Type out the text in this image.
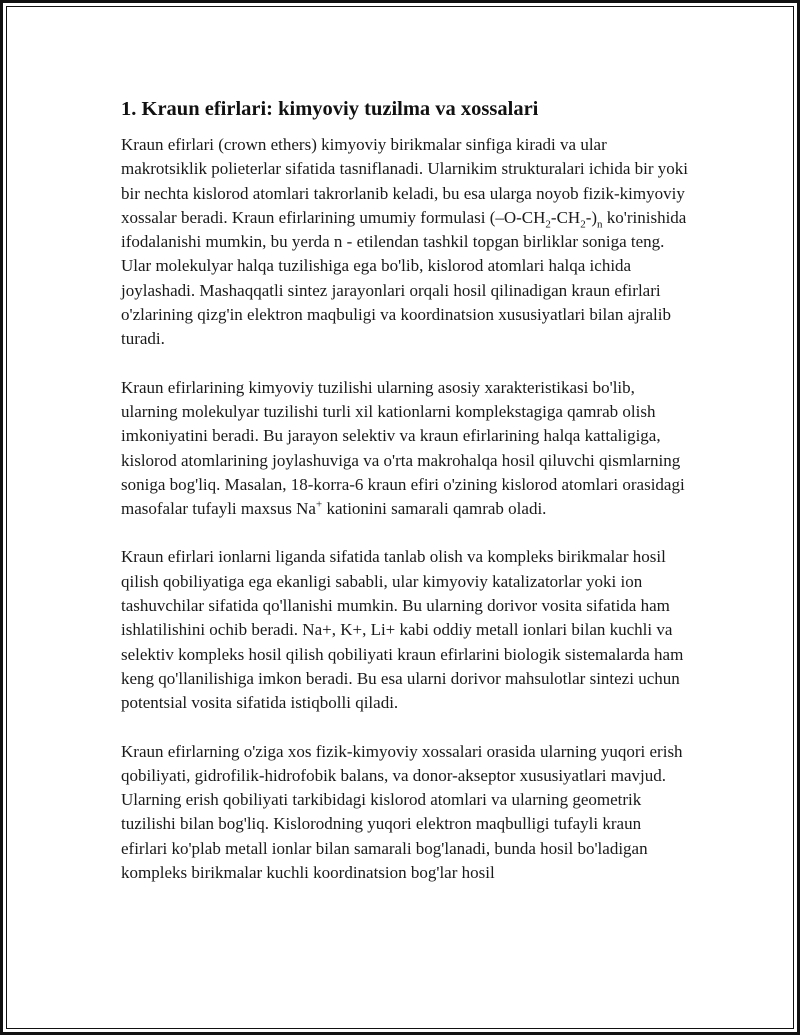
1. Kraun efirlari: kimyoviy tuzilma va xossalari

Kraun efirlari (crown ethers) kimyoviy birikmalar sinfiga kiradi va ular makrotsiklik polieterlar sifatida tasniflanadi. Ularnikim strukturalari ichida bir yoki bir nechta kislorod atomlari takrorlanib keladi, bu esa ularga noyob fizik-kimyoviy xossalar beradi. Kraun efirlarining umumiy formulasi $(-O-CH_2-CH_2-)_n$ ko'rinishida ifodalanishi mumkin, bu yerda n - etilendan tashkil topgan birliklar soniga teng. Ular molekulyar halqa tuzilishiga ega bo'lib, kislorod atomlari halqa ichida joylashadi. Mashaqqatli sintez jarayonlari orqali hosil qilinadigan kraun efirlari o'zlarining qizg'in elektron maqbuligi va koordinatsion xususiyatlari bilan ajralib turadi.

Kraun efirlarining kimyoviy tuzilishi ularning asosiy xarakteristikasi bo'lib, ularning molekulyar tuzilishi turli xil kationlarni komplekstagiga qamrab olish imkoniyatini beradi. Bu jarayon selektiv va kraun efirlarining halqa kattaligiga, kislorod atomlarining joylashuviga va o'rta makrohalqa hosil qiluvchi qismlarning soniga bog'liq. Masalan, 18-korra-6 kraun efiri o'zining kislorod atomlari orasidagi masofalar tufayli maxsus Na+ kationini samarali qamrab oladi.

Kraun efirlari ionlarni liganda sifatida tanlab olish va kompleks birikmalar hosil qilish qobiliyatiga ega ekanligi sababli, ular kimyoviy katalizatorlar yoki ion tashuvchilar sifatida qo'llanishi mumkin. Bu ularning dorivor vosita sifatida ham ishlatilishini ochib beradi. Na+, K+, Li+ kabi oddiy metall ionlari bilan kuchli va selektiv kompleks hosil qilish qobiliyati kraun efirlarini biologik sistemalarda ham keng qo'llanilishiga imkon beradi. Bu esa ularni dorivor mahsulotlar sintezi uchun potentsial vosita sifatida istiqbolli qiladi.

Kraun efirlarning o'ziga xos fizik-kimyoviy xossalari orasida ularning yuqori erish qobiliyati, gidrofilik-hidrofobik balans, va donor-akseptor xususiyatlari mavjud. Ularning erish qobiliyati tarkibidagi kislorod atomlari va ularning geometrik tuzilishi bilan bog'liq. Kislorodning yuqori elektron maqbulligi tufayli kraun efirlari ko'plab metall ionlar bilan samarali bog'lanadi, bunda hosil bo'ladigan kompleks birikmalar kuchli koordinatsion bog'lar hosil
